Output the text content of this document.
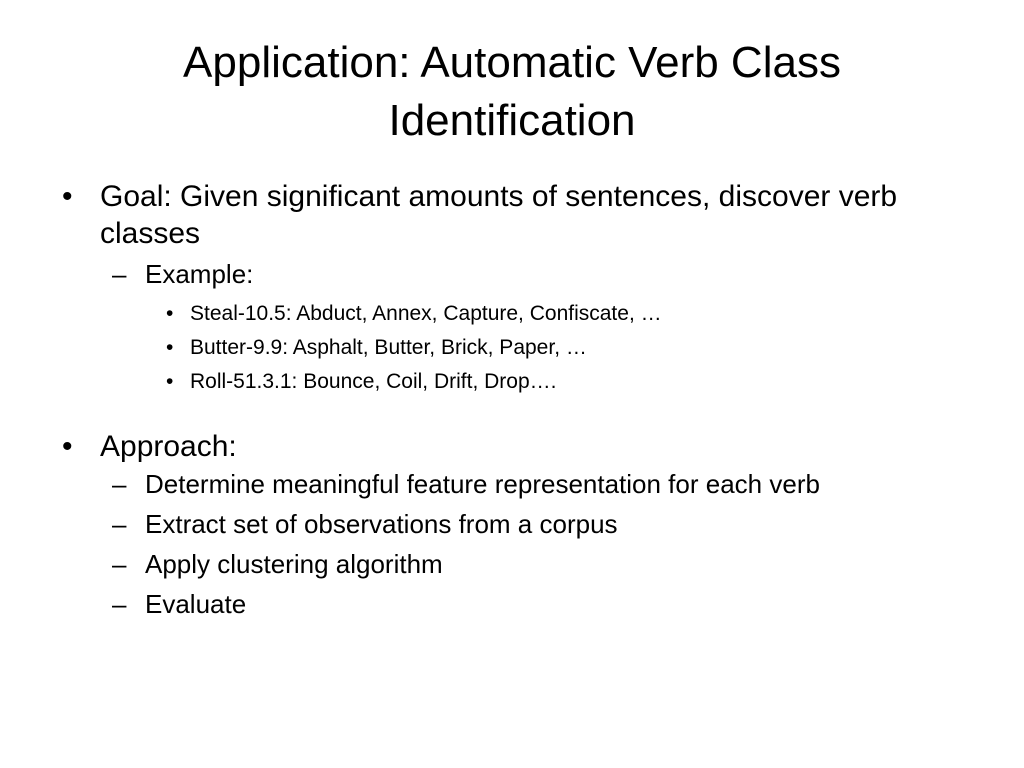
Application: Automatic Verb Class Identification
• Goal: Given significant amounts of sentences, discover verb classes
– Example:
• Steal-10.5: Abduct, Annex, Capture, Confiscate, …
• Butter-9.9: Asphalt, Butter, Brick, Paper, …
• Roll-51.3.1: Bounce, Coil, Drift, Drop….
• Approach:
– Determine meaningful feature representation for each verb
– Extract set of observations from a corpus
– Apply clustering algorithm
– Evaluate
